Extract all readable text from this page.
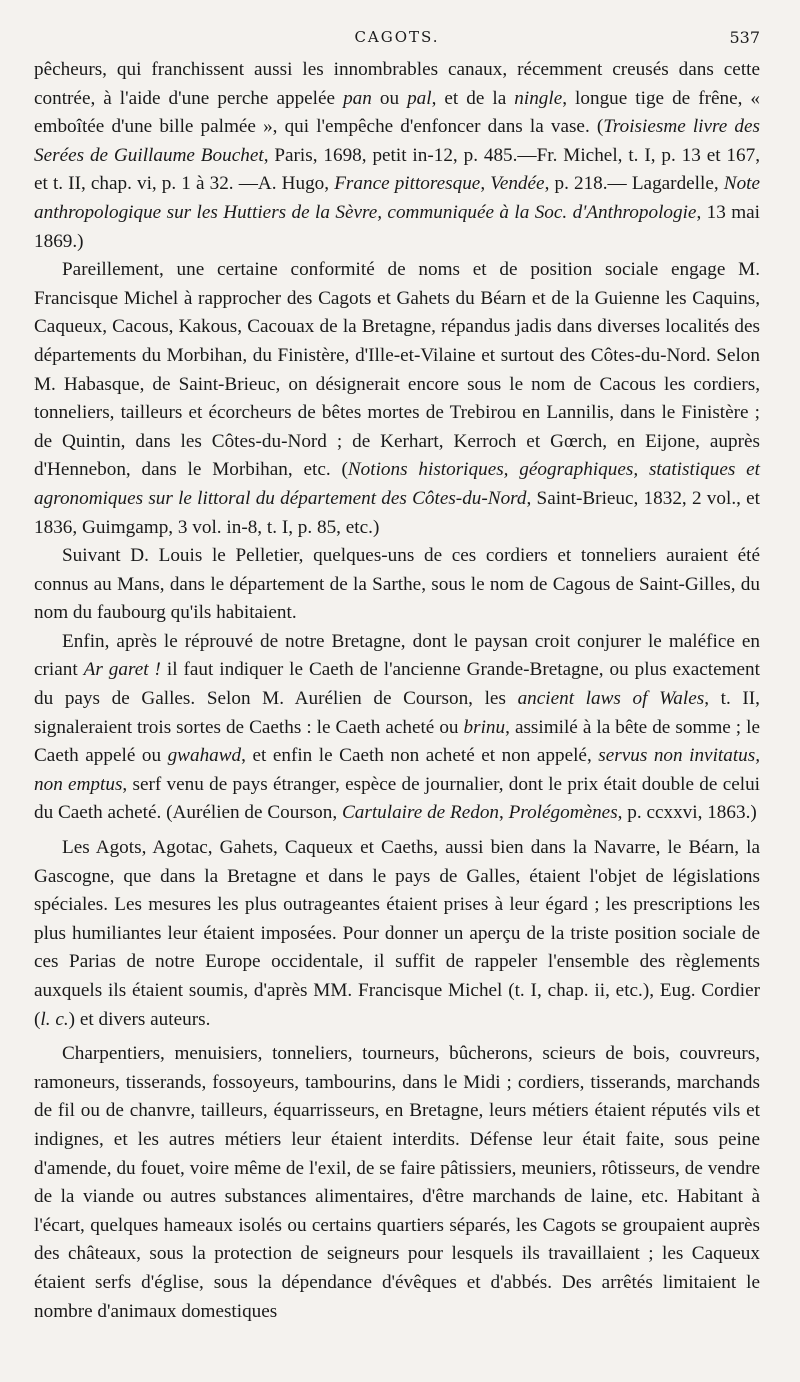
CAGOTS.	537

pêcheurs, qui franchissent aussi les innombrables canaux, récemment creusés dans cette contrée, à l'aide d'une perche appelée pan ou pal, et de la ningle, longue tige de frêne, « emboîtée d'une bille palmée », qui l'empêche d'enfoncer dans la vase. (Troisiesme livre des Serées de Guillaume Bouchet, Paris, 1698, petit in-12, p. 485.—Fr. Michel, t. I, p. 13 et 167, et t. II, chap. vi, p. 1 à 32. —A. Hugo, France pittoresque, Vendée, p. 218.— Lagardelle, Note anthropologique sur les Huttiers de la Sèvre, communiquée à la Soc. d'Anthropologie, 13 mai 1869.)

Pareillement, une certaine conformité de noms et de position sociale engage M. Francisque Michel à rapprocher des Cagots et Gahets du Béarn et de la Guienne les Caquins, Caqueux, Cacous, Kakous, Cacouax de la Bretagne, répandus jadis dans diverses localités des départements du Morbihan, du Finistère, d'Ille-et-Vilaine et surtout des Côtes-du-Nord. Selon M. Habasque, de Saint-Brieuc, on désignerait encore sous le nom de Cacous les cordiers, tonneliers, tailleurs et écorcheurs de bêtes mortes de Trebirou en Lannilis, dans le Finistère ; de Quintin, dans les Côtes-du-Nord ; de Kerhart, Kerroch et Gœrch, en Eijone, auprès d'Hennebon, dans le Morbihan, etc. (Notions historiques, géographiques, statistiques et agronomiques sur le littoral du département des Côtes-du-Nord, Saint-Brieuc, 1832, 2 vol., et 1836, Guimgamp, 3 vol. in-8, t. I, p. 85, etc.)

Suivant D. Louis le Pelletier, quelques-uns de ces cordiers et tonneliers auraient été connus au Mans, dans le département de la Sarthe, sous le nom de Cagous de Saint-Gilles, du nom du faubourg qu'ils habitaient.

Enfin, après le réprouvé de notre Bretagne, dont le paysan croit conjurer le maléfice en criant Ar garet ! il faut indiquer le Caeth de l'ancienne Grande-Bretagne, ou plus exactement du pays de Galles. Selon M. Aurélien de Courson, les ancient laws of Wales, t. II, signaleraient trois sortes de Caeths : le Caeth acheté ou brinu, assimilé à la bête de somme ; le Caeth appelé ou gwahawd, et enfin le Caeth non acheté et non appelé, servus non invitatus, non emptus, serf venu de pays étranger, espèce de journalier, dont le prix était double de celui du Caeth acheté. (Aurélien de Courson, Cartulaire de Redon, Prolégomènes, p. ccxxvi, 1863.)

Les Agots, Agotac, Gahets, Caqueux et Caeths, aussi bien dans la Navarre, le Béarn, la Gascogne, que dans la Bretagne et dans le pays de Galles, étaient l'objet de législations spéciales. Les mesures les plus outrageantes étaient prises à leur égard ; les prescriptions les plus humiliantes leur étaient imposées. Pour donner un aperçu de la triste position sociale de ces Parias de notre Europe occidentale, il suffit de rappeler l'ensemble des règlements auxquels ils étaient soumis, d'après MM. Francisque Michel (t. I, chap. ii, etc.), Eug. Cordier (l. c.) et divers auteurs.

Charpentiers, menuisiers, tonneliers, tourneurs, bûcherons, scieurs de bois, couvreurs, ramoneurs, tisserands, fossoyeurs, tambourins, dans le Midi ; cordiers, tisserands, marchands de fil ou de chanvre, tailleurs, équarrisseurs, en Bretagne, leurs métiers étaient réputés vils et indignes, et les autres métiers leur étaient interdits. Défense leur était faite, sous peine d'amende, du fouet, voire même de l'exil, de se faire pâtissiers, meuniers, rôtisseurs, de vendre de la viande ou autres substances alimentaires, d'être marchands de laine, etc. Habitant à l'écart, quelques hameaux isolés ou certains quartiers séparés, les Cagots se groupaient auprès des châteaux, sous la protection de seigneurs pour lesquels ils travaillaient ; les Caqueux étaient serfs d'église, sous la dépendance d'évêques et d'abbés. Des arrêtés limitaient le nombre d'animaux domestiques
